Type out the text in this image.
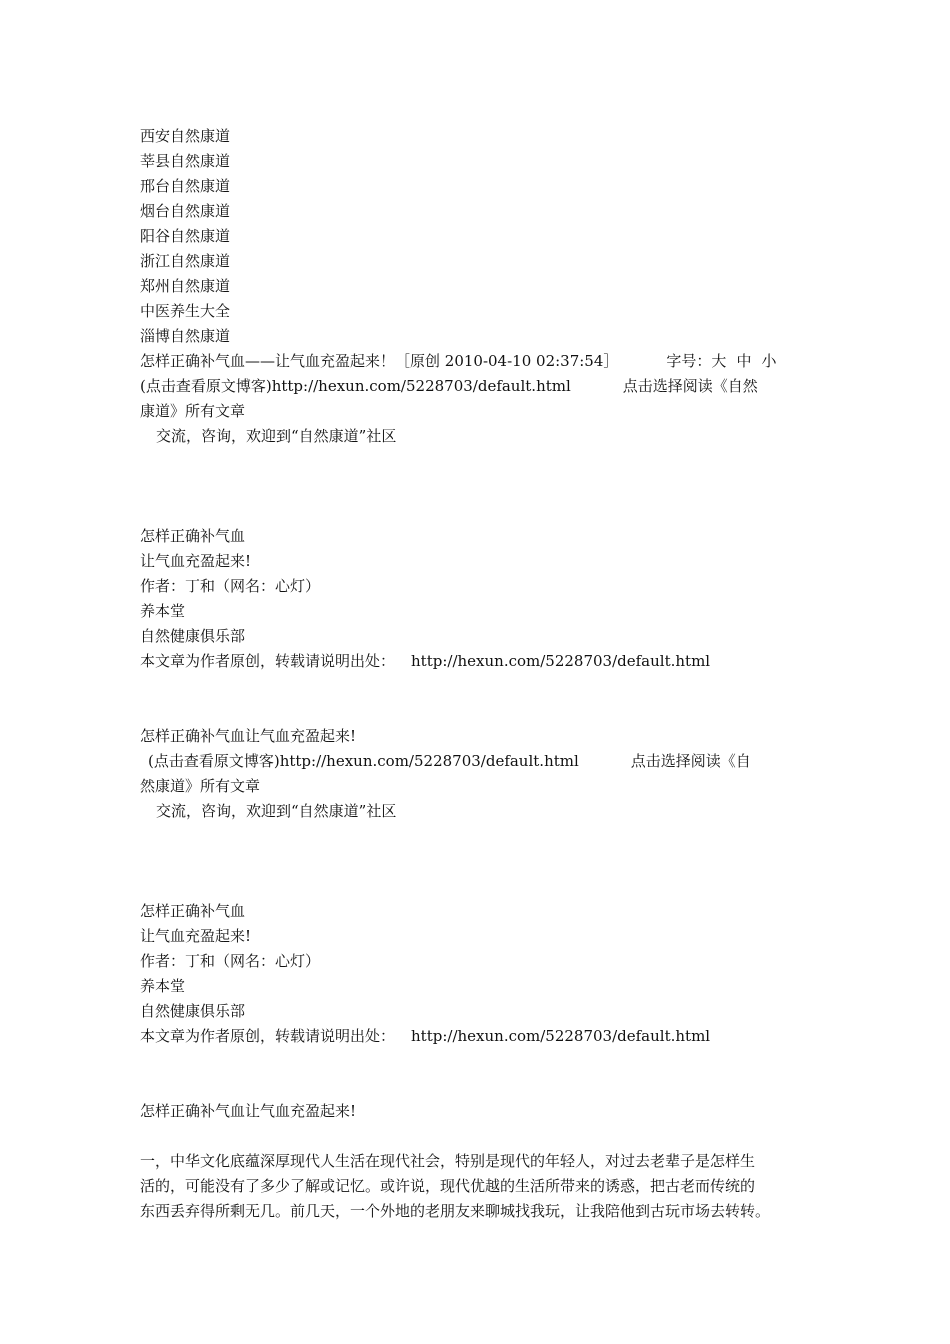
西安自然康道
莘县自然康道
邢台自然康道
烟台自然康道
阳谷自然康道
浙江自然康道
郑州自然康道
中医养生大全
淄博自然康道
怎样正确补气血——让气血充盈起来！［原创 2010-04-10 02:37:54］	字号：大 中 小
(点击查看原文博客)http://hexun.com/5228703/default.html	点击选择阅读《自然
康道》所有文章
交流，咨询，欢迎到“自然康道”社区
怎样正确补气血
让气血充盈起来!
作者：丁和（网名：心灯）
养本堂
自然健康俱乐部
本文章为作者原创，转载请说明出处： http://hexun.com/5228703/default.html
怎样正确补气血让气血充盈起来!
(点击查看原文博客)http://hexun.com/5228703/default.html	点击选择阅读《自
然康道》所有文章
交流，咨询，欢迎到“自然康道”社区
怎样正确补气血
让气血充盈起来!
作者：丁和（网名：心灯）
养本堂
自然健康俱乐部
本文章为作者原创，转载请说明出处： http://hexun.com/5228703/default.html
怎样正确补气血让气血充盈起来!
一，中华文化底蕴深厚现代人生活在现代社会，特别是现代的年轻人，对过去老辈子是怎样生
活的，可能没有了多少了解或记忆。或许说，现代优越的生活所带来的诱惑，把古老而传统的
东西丢弃得所剩无几。前几天，一个外地的老朋友来聊城找我玩，让我陪他到古玩市场去转转。
